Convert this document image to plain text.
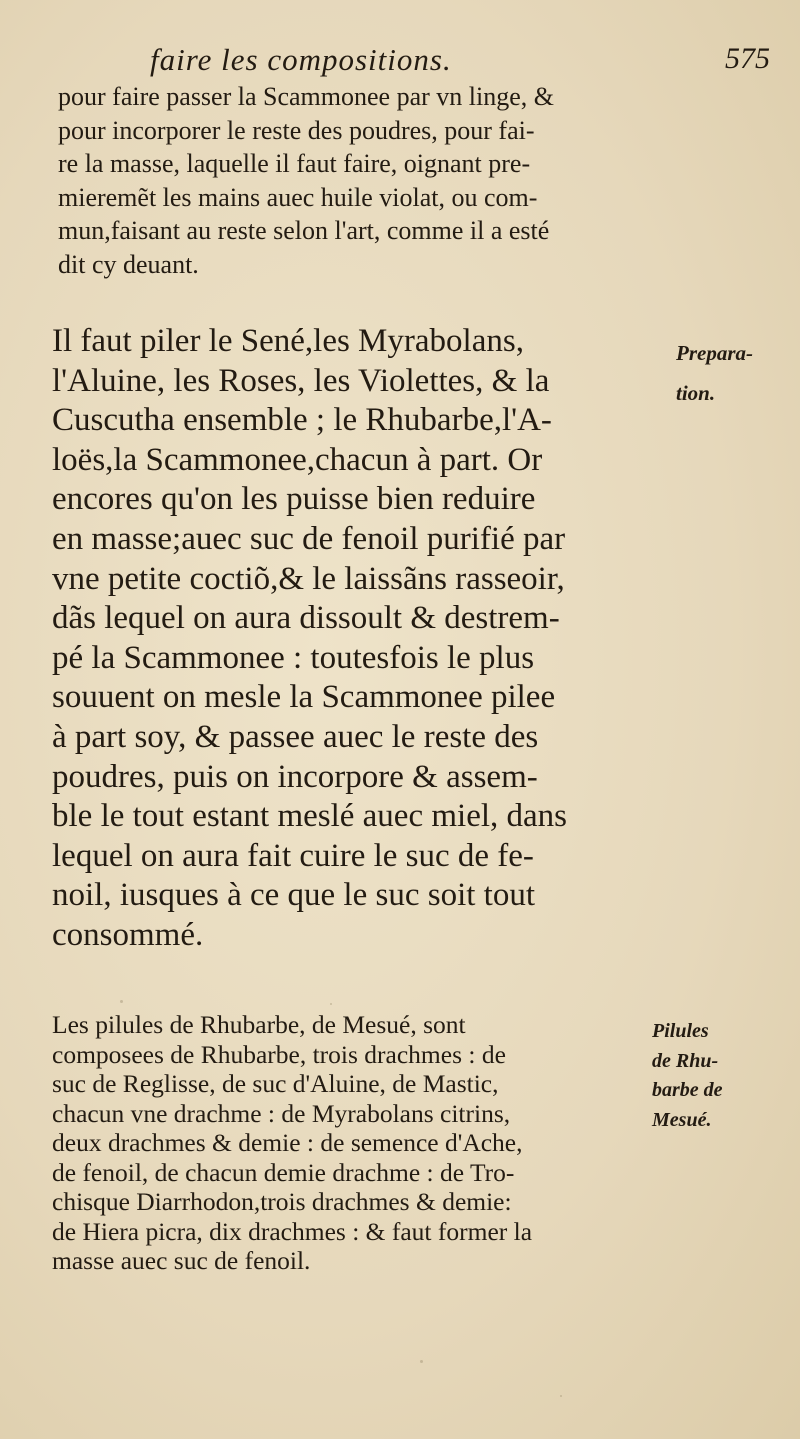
faire les compositions.	575
pour faire passer la Scammonee par vn linge, &
pour incorporer le reste des poudres, pour fai-
re la masse, laquelle il faut faire, oignant pre-
mieremẽt les mains auec huile violat, ou com-
mun,faisant au reste selon l'art, comme il a esté
dit cy deuant.
Il faut piler le Sené,les Myrabolans,
l'Aluine, les Roses, les Violettes, & la
Cuscutha ensemble ; le Rhubarbe,l'A-
loës,la Scammonee,chacun à part. Or
encores qu'on les puisse bien reduire
en masse;auec suc de fenoil purifié par
vne petite coctiõ,& le laissãns rasseoir,
dãs lequel on aura dissoult & destrem-
pé la Scammonee : toutesfois le plus
souuent on mesle la Scammonee pilee
à part soy, & passee auec le reste des
poudres, puis on incorpore & assem-
ble le tout estant meslé auec miel, dans
lequel on aura fait cuire le suc de fe-
noil, iusques à ce que le suc soit tout
consommé.
Prepara-
tion.
Les pilules de Rhubarbe, de Mesué, sont
composees de Rhubarbe, trois drachmes : de
suc de Reglisse, de suc d'Aluine, de Mastic,
chacun vne drachme : de Myrabolans citrins,
deux drachmes & demie : de semence d'Ache,
de fenoil, de chacun demie drachme : de Tro-
chisque Diarrhodon,trois drachmes & demie:
de Hiera picra, dix drachmes : & faut former la
masse auec suc de fenoil.
Pilules
de Rhu-
barbe de
Mesué.
